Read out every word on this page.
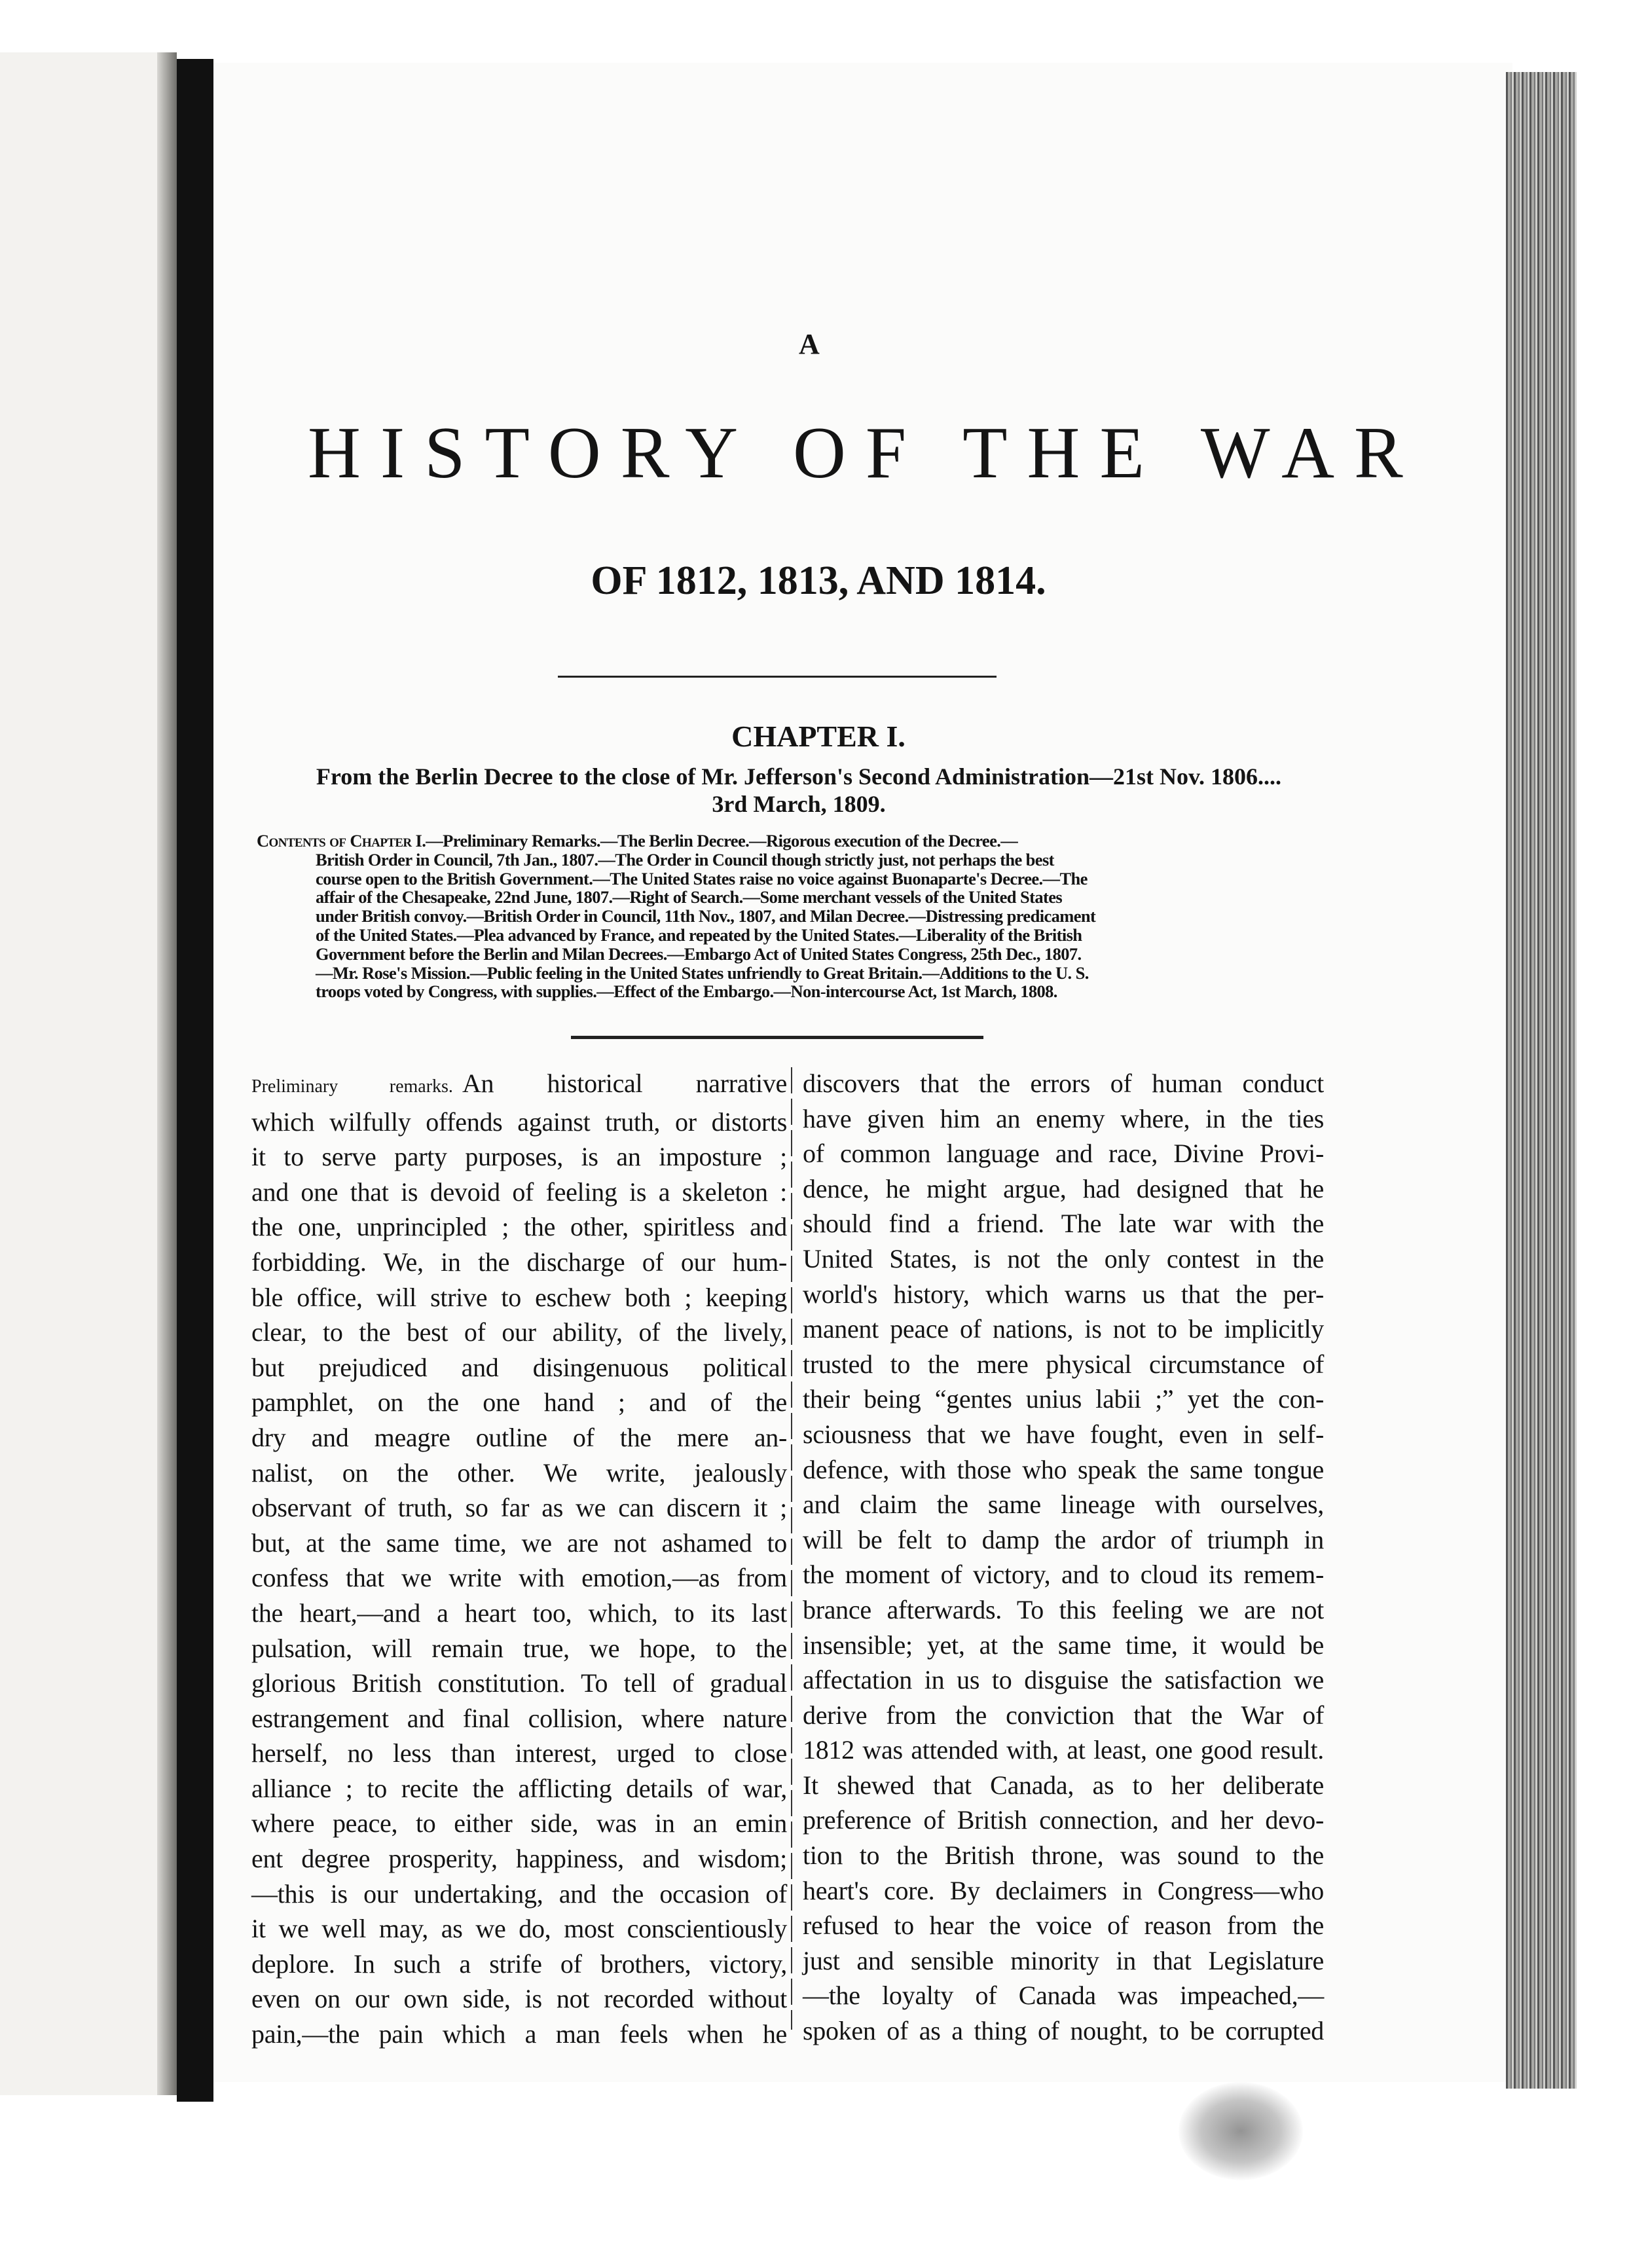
A
HISTORY OF THE WAR
OF 1812, 1813, AND 1814.
CHAPTER I.

From the Berlin Decree to the close of Mr. Jefferson's Second Administration—21st Nov. 1806....
3rd March, 1809.

Contents of Chapter I.—Preliminary Remarks.—The Berlin Decree.—Rigorous execution of the Decree.—
British Order in Council, 7th Jan., 1807.—The Order in Council though strictly just, not perhaps the best
course open to the British Government.—The United States raise no voice against Buonaparte's Decree.—The
affair of the Chesapeake, 22nd June, 1807.—Right of Search.—Some merchant vessels of the United States
under British convoy.—British Order in Council, 11th Nov., 1807, and Milan Decree.—Distressing predicament
of the United States.—Plea advanced by France, and repeated by the United States.—Liberality of the British
Government before the Berlin and Milan Decrees.—Embargo Act of United States Congress, 25th Dec., 1807.
—Mr. Rose's Mission.—Public feeling in the United States unfriendly to Great Britain.—Additions to the U. S.
troops voted by Congress, with supplies.—Effect of the Embargo.—Non-intercourse Act, 1st March, 1808.
Preliminary remarks. An historical narrative
which wilfully offends against truth, or distorts
it to serve party purposes, is an imposture ;
and one that is devoid of feeling is a skeleton :
the one, unprincipled ; the other, spiritless and
forbidding. We, in the discharge of our hum-
ble office, will strive to eschew both ; keeping
clear, to the best of our ability, of the lively,
but prejudiced and disingenuous political
pamphlet, on the one hand ; and of the
dry and meagre outline of the mere an-
nalist, on the other. We write, jealously
observant of truth, so far as we can discern it ;
but, at the same time, we are not ashamed to
confess that we write with emotion,—as from
the heart,—and a heart too, which, to its last
pulsation, will remain true, we hope, to the
glorious British constitution. To tell of gradual
estrangement and final collision, where nature
herself, no less than interest, urged to close
alliance ; to recite the afflicting details of war,
where peace, to either side, was in an emin
ent degree prosperity, happiness, and wisdom;
—this is our undertaking, and the occasion of
it we well may, as we do, most conscientiously
deplore. In such a strife of brothers, victory,
even on our own side, is not recorded without
pain,—the pain which a man feels when he
discovers that the errors of human conduct
have given him an enemy where, in the ties
of common language and race, Divine Provi-
dence, he might argue, had designed that he
should find a friend. The late war with the
United States, is not the only contest in the
world's history, which warns us that the per-
manent peace of nations, is not to be implicitly
trusted to the mere physical circumstance of
their being “gentes unius labii ;” yet the con-
sciousness that we have fought, even in self-
defence, with those who speak the same tongue
and claim the same lineage with ourselves,
will be felt to damp the ardor of triumph in
the moment of victory, and to cloud its remem-
brance afterwards. To this feeling we are not
insensible; yet, at the same time, it would be
affectation in us to disguise the satisfaction we
derive from the conviction that the War of
1812 was attended with, at least, one good result.
It shewed that Canada, as to her deliberate
preference of British connection, and her devo-
tion to the British throne, was sound to the
heart's core. By declaimers in Congress—who
refused to hear the voice of reason from the
just and sensible minority in that Legislature
—the loyalty of Canada was impeached,—
spoken of as a thing of nought, to be corrupted
